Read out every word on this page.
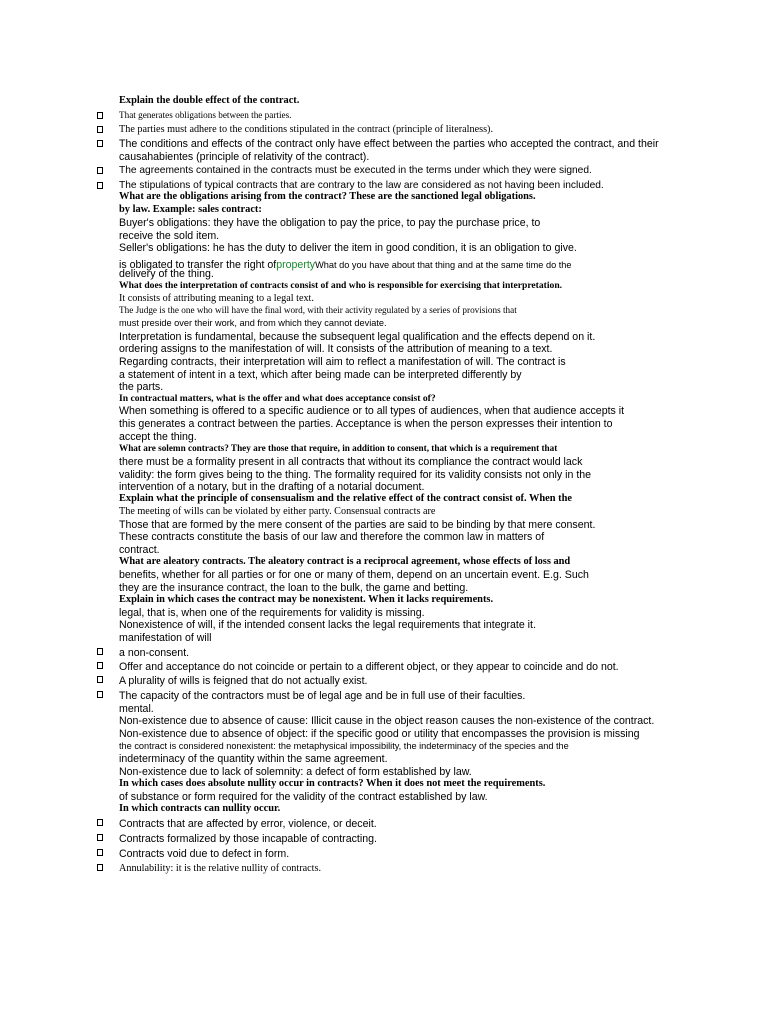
Explain the double effect of the contract.
That generates obligations between the parties.
The parties must adhere to the conditions stipulated in the contract (principle of literalness).
The conditions and effects of the contract only have effect between the parties who accepted the contract, and their
causahabientes (principle of relativity of the contract).
The agreements contained in the contracts must be executed in the terms under which they were signed.
The stipulations of typical contracts that are contrary to the law are considered as not having been included.
What are the obligations arising from the contract? These are the sanctioned legal obligations.
by law. Example: sales contract:
Buyer's obligations: they have the obligation to pay the price, to pay the purchase price, to
receive the sold item.
Seller's obligations: he has the duty to deliver the item in good condition, it is an obligation to give.
is obligated to transfer the right ofpropertyWhat do you have about that thing and at the same time do the
delivery of the thing.
What does the interpretation of contracts consist of and who is responsible for exercising that interpretation.
It consists of attributing meaning to a legal text.
The Judge is the one who will have the final word, with their activity regulated by a series of provisions that
must preside over their work, and from which they cannot deviate.
Interpretation is fundamental, because the subsequent legal qualification and the effects depend on it.
ordering assigns to the manifestation of will. It consists of the attribution of meaning to a text.
Regarding contracts, their interpretation will aim to reflect a manifestation of will. The contract is
a statement of intent in a text, which after being made can be interpreted differently by
the parts.
In contractual matters, what is the offer and what does acceptance consist of?
When something is offered to a specific audience or to all types of audiences, when that audience accepts it
this generates a contract between the parties. Acceptance is when the person expresses their intention to
accept the thing.
What are solemn contracts? They are those that require, in addition to consent, that which is a requirement that
there must be a formality present in all contracts that without its compliance the contract would lack
validity: the form gives being to the thing. The formality required for its validity consists not only in the
intervention of a notary, but in the drafting of a notarial document.
Explain what the principle of consensualism and the relative effect of the contract consist of. When the
The meeting of wills can be violated by either party. Consensual contracts are
Those that are formed by the mere consent of the parties are said to be binding by that mere consent.
These contracts constitute the basis of our law and therefore the common law in matters of
contract.
What are aleatory contracts. The aleatory contract is a reciprocal agreement, whose effects of loss and
benefits, whether for all parties or for one or many of them, depend on an uncertain event. E.g. Such
they are the insurance contract, the loan to the bulk, the game and betting.
Explain in which cases the contract may be nonexistent. When it lacks requirements.
legal, that is, when one of the requirements for validity is missing.
Nonexistence of will, if the intended consent lacks the legal requirements that integrate it.
manifestation of will
a non-consent.
Offer and acceptance do not coincide or pertain to a different object, or they appear to coincide and do not.
A plurality of wills is feigned that do not actually exist.
The capacity of the contractors must be of legal age and be in full use of their faculties.
mental.
Non-existence due to absence of cause: Illicit cause in the object reason causes the non-existence of the contract.
Non-existence due to absence of object: if the specific good or utility that encompasses the provision is missing
the contract is considered nonexistent: the metaphysical impossibility, the indeterminacy of the species and the
indeterminacy of the quantity within the same agreement.
Non-existence due to lack of solemnity: a defect of form established by law.
In which cases does absolute nullity occur in contracts? When it does not meet the requirements.
of substance or form required for the validity of the contract established by law.
In which contracts can nullity occur.
Contracts that are affected by error, violence, or deceit.
Contracts formalized by those incapable of contracting.
Contracts void due to defect in form.
Annulability: it is the relative nullity of contracts.
